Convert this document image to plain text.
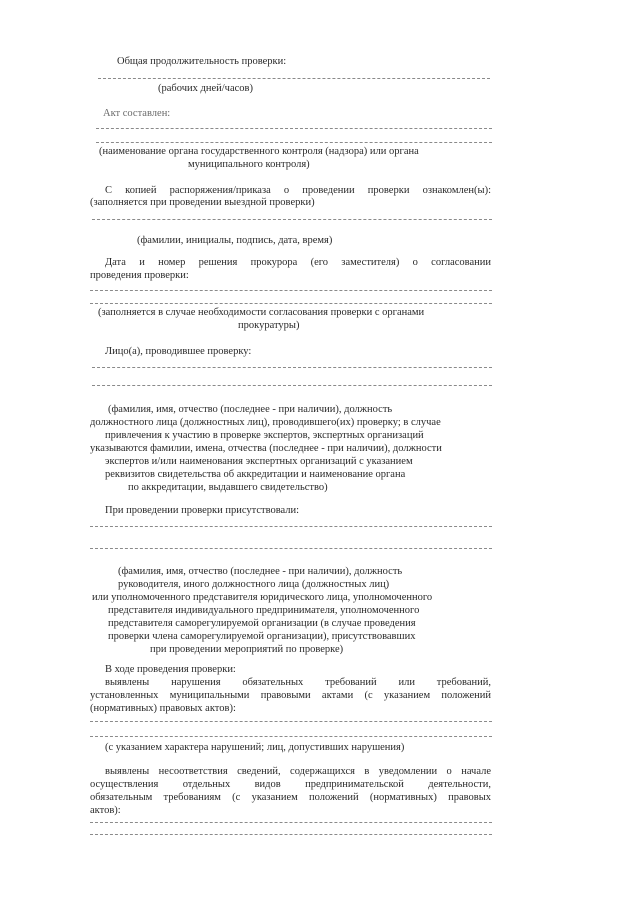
Общая продолжительность проверки:
(рабочих дней/часов)
Акт составлен:
(наименование органа государственного контроля (надзора) или органа
муниципального контроля)
С копией распоряжения/приказа о проведении проверки ознакомлен(ы):
(заполняется при проведении выездной проверки)
(фамилии, инициалы, подпись, дата, время)
Дата и номер решения прокурора (его заместителя) о согласовании
проведения проверки:
(заполняется в случае необходимости согласования проверки с органами
прокуратуры)
Лицо(а), проводившее проверку:
(фамилия, имя, отчество (последнее - при наличии), должность
должностного лица (должностных лиц), проводившего(их) проверку; в случае
привлечения к участию в проверке экспертов, экспертных организаций
указываются фамилии, имена, отчества (последнее - при наличии), должности
экспертов и/или наименования экспертных организаций с указанием
реквизитов свидетельства об аккредитации и наименование органа
по аккредитации, выдавшего свидетельство)
При проведении проверки присутствовали:
(фамилия, имя, отчество (последнее - при наличии), должность
руководителя, иного должностного лица (должностных лиц)
или уполномоченного представителя юридического лица, уполномоченного
представителя индивидуального предпринимателя, уполномоченного
представителя саморегулируемой организации (в случае проведения
проверки члена саморегулируемой организации), присутствовавших
при проведении мероприятий по проверке)
В ходе проведения проверки:
выявлены нарушения обязательных требований или требований,
установленных муниципальными правовыми актами (с указанием положений
(нормативных) правовых актов):
(с указанием характера нарушений; лиц, допустивших нарушения)
выявлены несоответствия сведений, содержащихся в уведомлении о начале
осуществления отдельных видов предпринимательской деятельности,
обязательным требованиям (с указанием положений (нормативных) правовых
актов):
